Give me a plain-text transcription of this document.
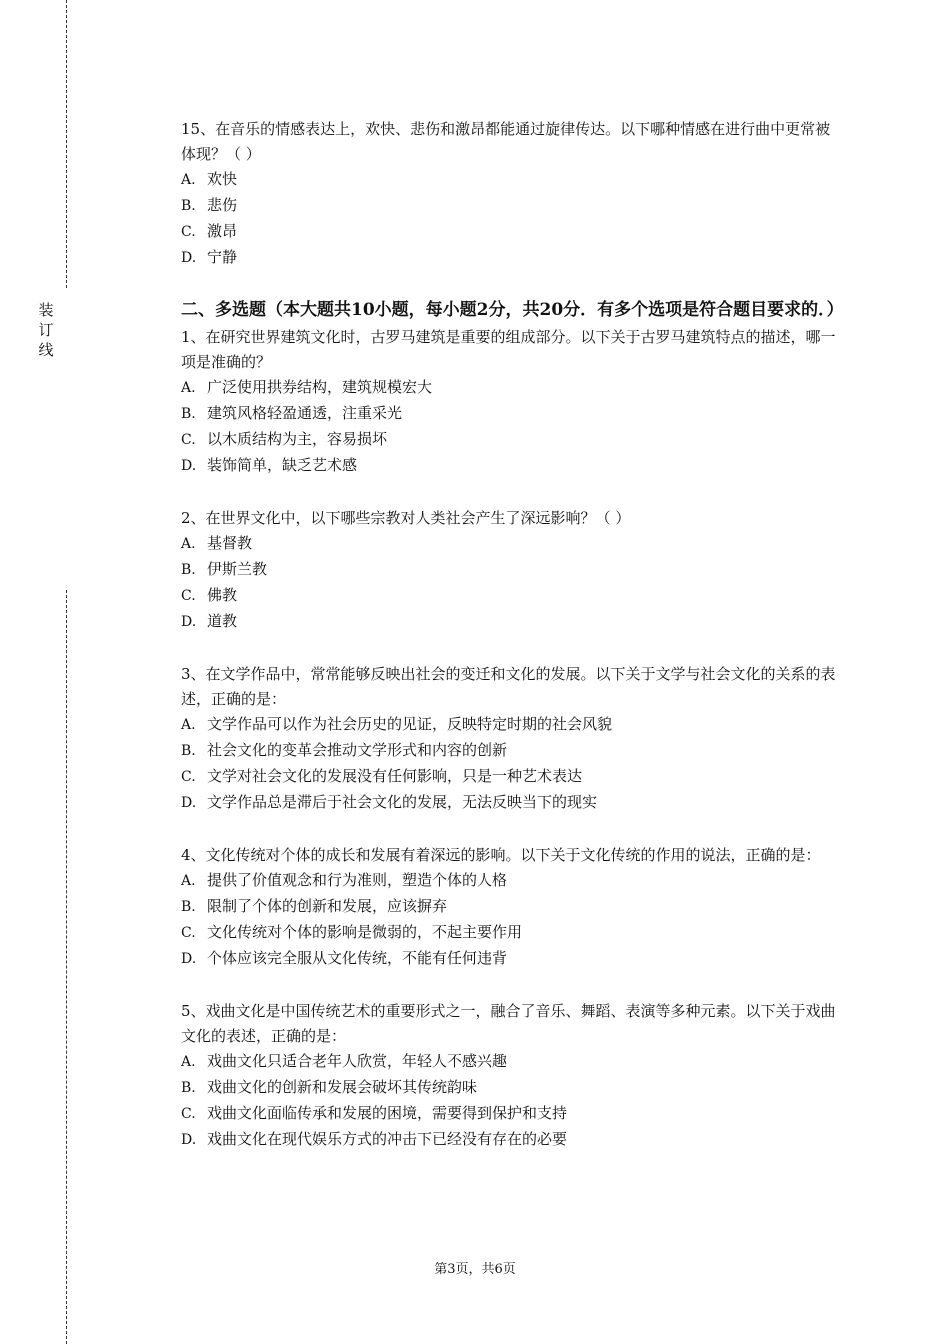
装
订
线

15、在音乐的情感表达上，欢快、悲伤和激昂都能通过旋律传达。以下哪种情感在进行曲中更常被体现？（ ）

A. 欢快

B. 悲伤

C. 激昂

D. 宁静

二、多选题（本大题共10小题，每小题2分，共20分．有多个选项是符合题目要求的．）

1、在研究世界建筑文化时，古罗马建筑是重要的组成部分。以下关于古罗马建筑特点的描述，哪一项是准确的？

A. 广泛使用拱券结构，建筑规模宏大

B. 建筑风格轻盈通透，注重采光

C. 以木质结构为主，容易损坏

D. 装饰简单，缺乏艺术感

2、在世界文化中，以下哪些宗教对人类社会产生了深远影响？（ ）

A. 基督教

B. 伊斯兰教

C. 佛教

D. 道教

3、在文学作品中，常常能够反映出社会的变迁和文化的发展。以下关于文学与社会文化的关系的表述，正确的是：

A. 文学作品可以作为社会历史的见证，反映特定时期的社会风貌

B. 社会文化的变革会推动文学形式和内容的创新

C. 文学对社会文化的发展没有任何影响，只是一种艺术表达

D. 文学作品总是滞后于社会文化的发展，无法反映当下的现实

4、文化传统对个体的成长和发展有着深远的影响。以下关于文化传统的作用的说法，正确的是：

A. 提供了价值观念和行为准则，塑造个体的人格

B. 限制了个体的创新和发展，应该摒弃

C. 文化传统对个体的影响是微弱的，不起主要作用

D. 个体应该完全服从文化传统，不能有任何违背

5、戏曲文化是中国传统艺术的重要形式之一，融合了音乐、舞蹈、表演等多种元素。以下关于戏曲文化的表述，正确的是：

A. 戏曲文化只适合老年人欣赏，年轻人不感兴趣

B. 戏曲文化的创新和发展会破坏其传统韵味

C. 戏曲文化面临传承和发展的困境，需要得到保护和支持

D. 戏曲文化在现代娱乐方式的冲击下已经没有存在的必要

第3页，共6页
